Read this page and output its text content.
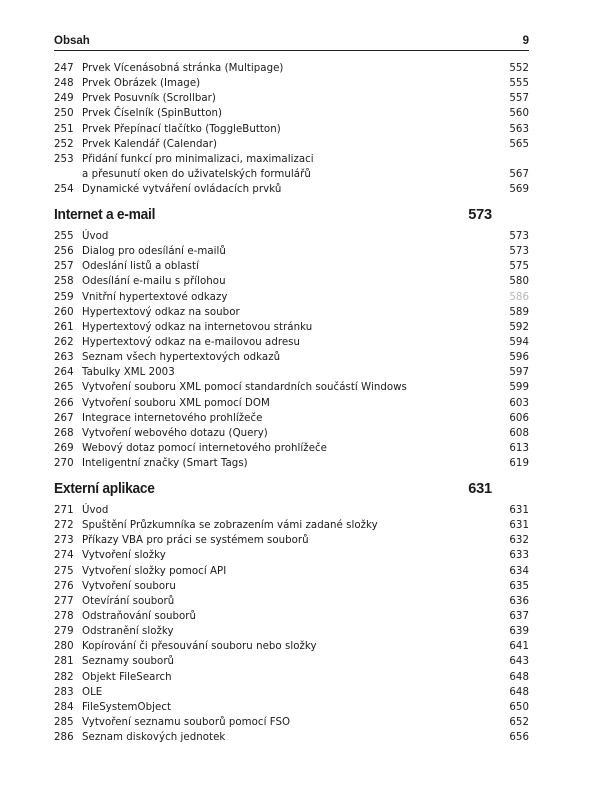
Obsah	9
247 Prvek Vícenásobná stránka (Multipage)	552
248 Prvek Obrázek (Image)	555
249 Prvek Posuvník (Scrollbar)	557
250 Prvek Číselník (SpinButton)	560
251 Prvek Přepínací tlačítko (ToggleButton)	563
252 Prvek Kalendář (Calendar)	565
253 Přidání funkcí pro minimalizaci, maximalizaci
a přesunutí oken do uživatelských formulářů	567
254 Dynamické vytváření ovládacích prvků	569
Internet a e-mail	573
255 Úvod	573
256 Dialog pro odesílání e-mailů	573
257 Odeslání listů a oblastí	575
258 Odesílání e-mailu s přílohou	580
259 Vnitřní hypertextové odkazy	586
260 Hypertextový odkaz na soubor	589
261 Hypertextový odkaz na internetovou stránku	592
262 Hypertextový odkaz na e-mailovou adresu	594
263 Seznam všech hypertextových odkazů	596
264 Tabulky XML 2003	597
265 Vytvoření souboru XML pomocí standardních součástí Windows	599
266 Vytvoření souboru XML pomocí DOM	603
267 Integrace internetového prohlížeče	606
268 Vytvoření webového dotazu (Query)	608
269 Webový dotaz pomocí internetového prohlížeče	613
270 Inteligentní značky (Smart Tags)	619
Externí aplikace	631
271 Úvod	631
272 Spuštění Průzkumníka se zobrazením vámi zadané složky	631
273 Příkazy VBA pro práci se systémem souborů	632
274 Vytvoření složky	633
275 Vytvoření složky pomocí API	634
276 Vytvoření souboru	635
277 Otevírání souborů	636
278 Odstraňování souborů	637
279 Odstranění složky	639
280 Kopírování či přesouvání souboru nebo složky	641
281 Seznamy souborů	643
282 Objekt FileSearch	648
283 OLE	648
284 FileSystemObject	650
285 Vytvoření seznamu souborů pomocí FSO	652
286 Seznam diskových jednotek	656
